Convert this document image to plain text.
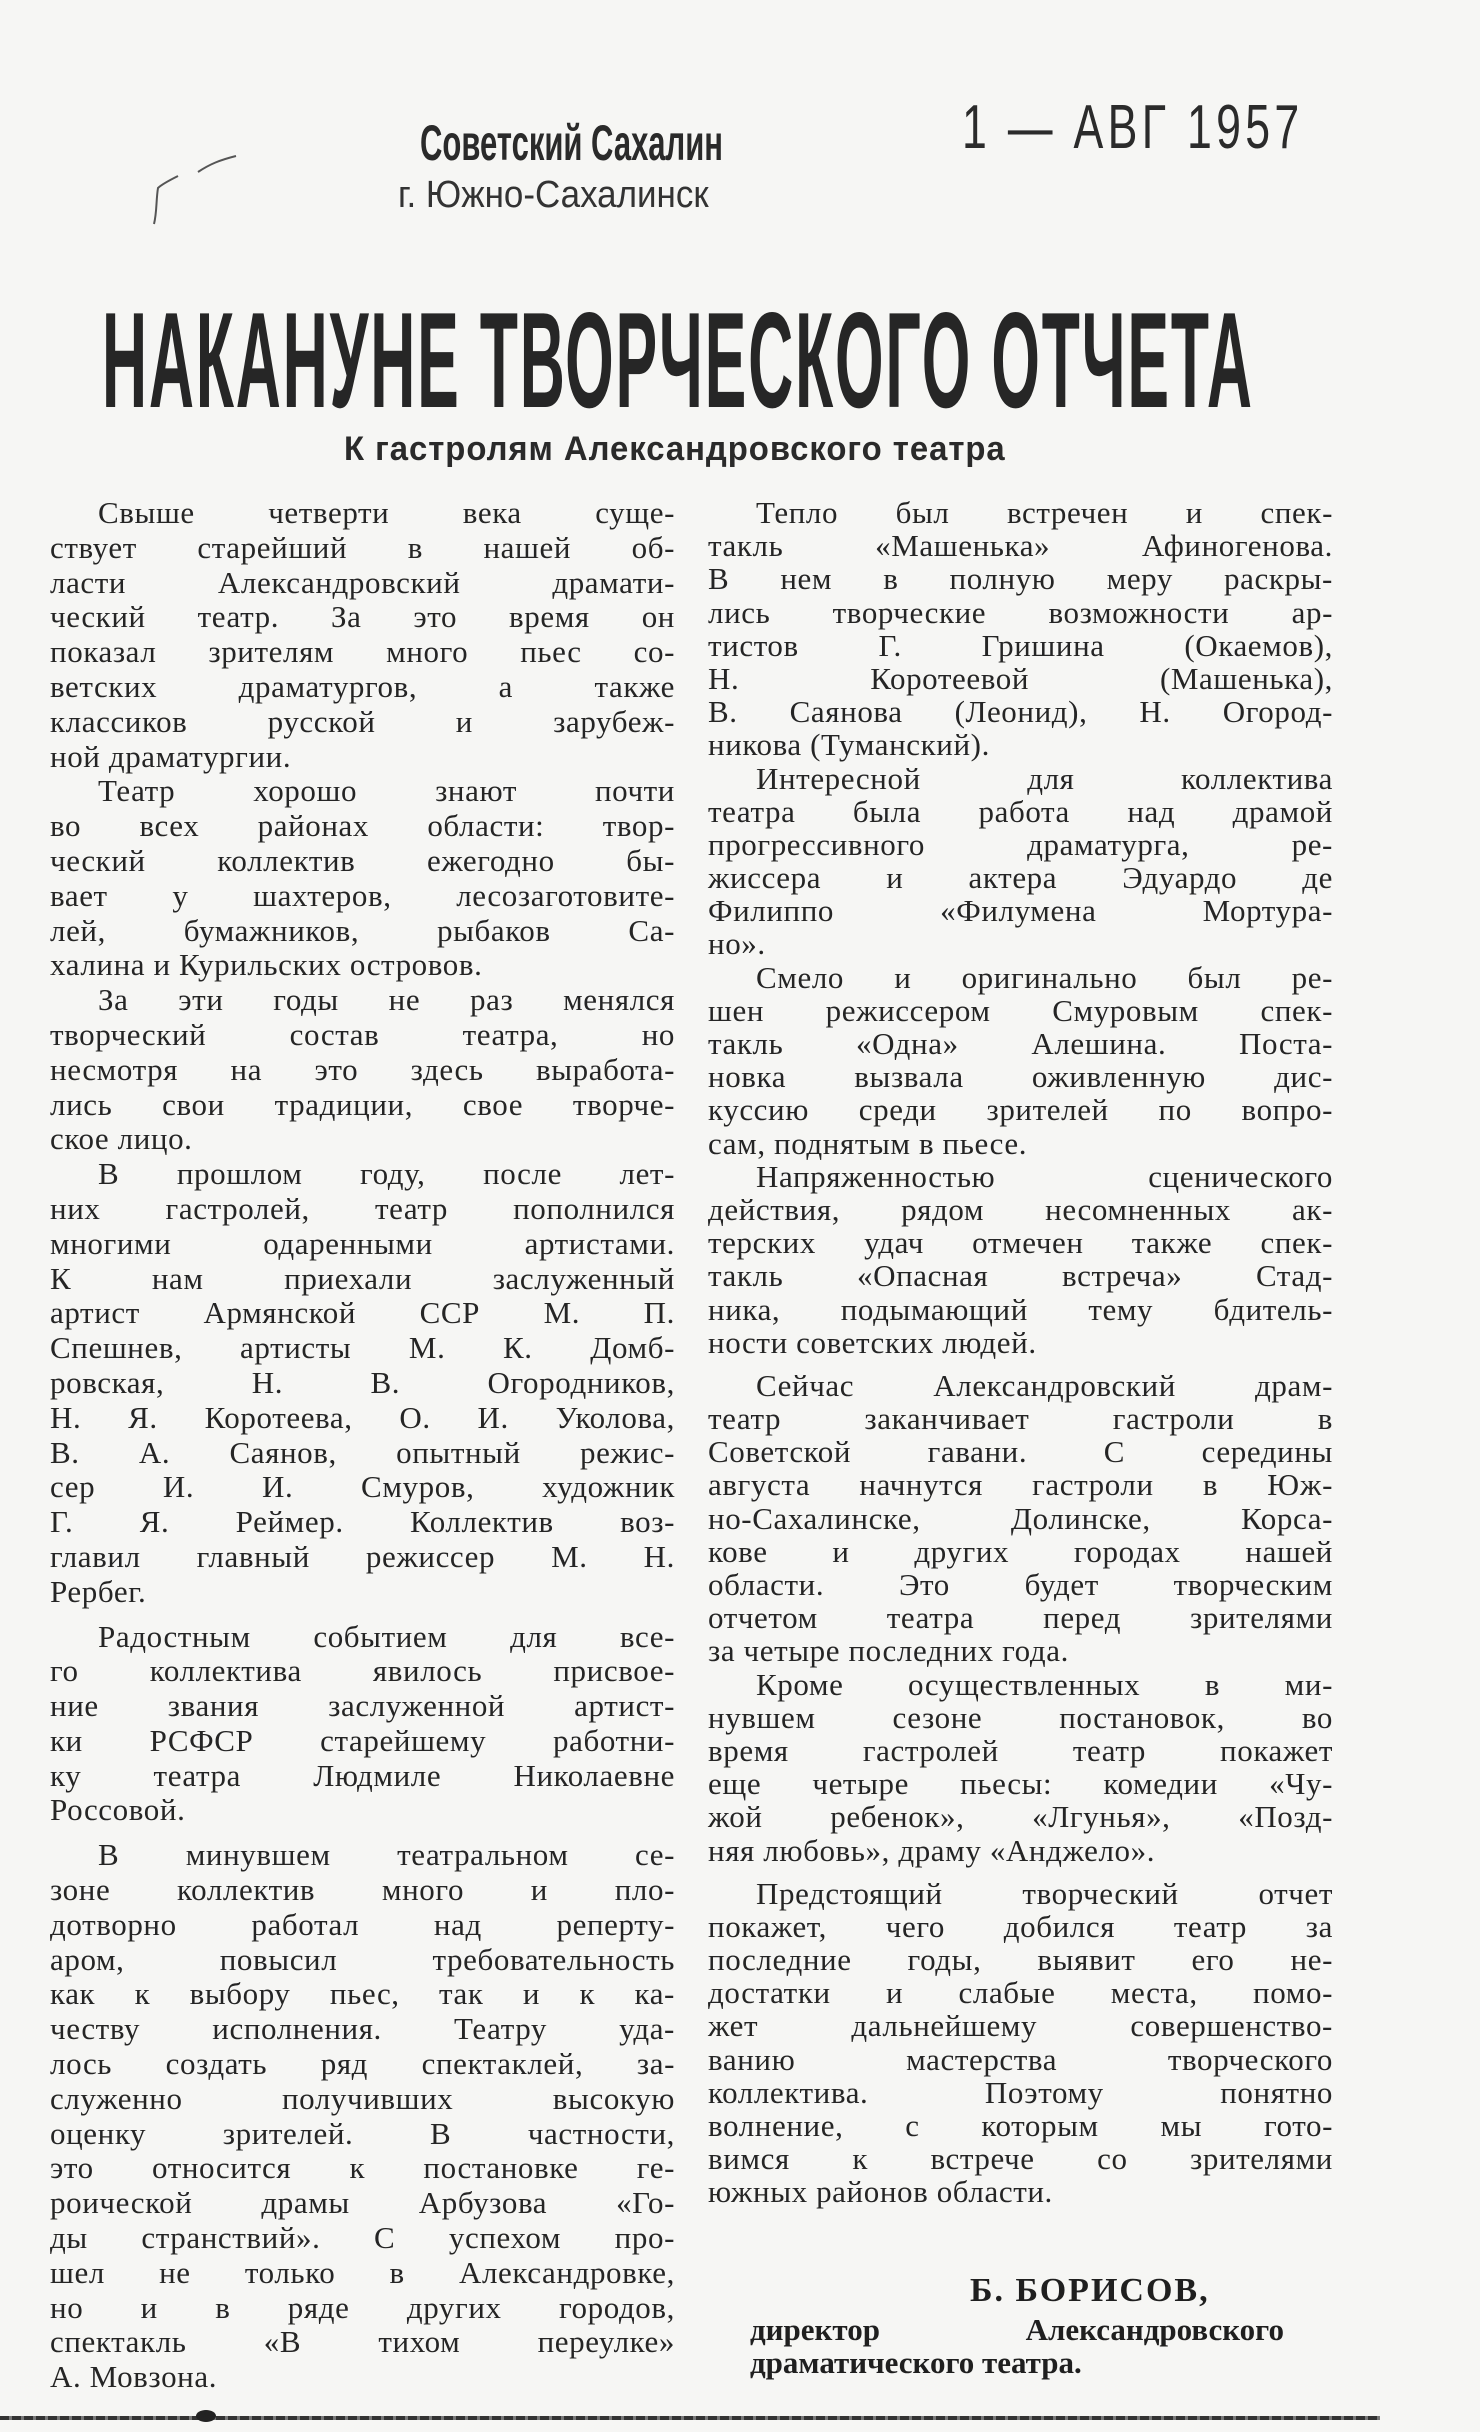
Советский Сахалин	1 — АВГ 1957
г. Южно-Сахалинск
НАКАНУНЕ ТВОРЧЕСКОГО ОТЧЕТА
К гастролям Александровского театра
Свыше четверти века суще-
ствует старейший в нашей об-
ласти Александровский драмати-
ческий театр. За это время он
показал зрителям много пьес со-
ветских драматургов, а также
классиков русской и зарубеж-
ной драматургии.
Театр хорошо знают почти
во всех районах области: твор-
ческий коллектив ежегодно бы-
вает у шахтеров, лесозаготовите-
лей, бумажников, рыбаков Са-
халина и Курильских островов.
За эти годы не раз менялся
творческий состав театра, но
несмотря на это здесь выработа-
лись свои традиции, свое творче-
ское лицо.
В прошлом году, после лет-
них гастролей, театр пополнился
многими одаренными артистами.
К нам приехали заслуженный
артист Армянской ССР М. П.
Спешнев, артисты М. К. Домб-
ровская, Н. В. Огородников,
Н. Я. Коротеева, О. И. Уколова,
В. А. Саянов, опытный режис-
сер И. И. Смуров, художник
Г. Я. Реймер. Коллектив воз-
главил главный режиссер М. Н.
Рербег.
Радостным событием для все-
го коллектива явилось присвое-
ние звания заслуженной артист-
ки РСФСР старейшему работни-
ку театра Людмиле Николаевне
Россовой.
В минувшем театральном се-
зоне коллектив много и пло-
дотворно работал над реперту-
аром, повысил требовательность
как к выбору пьес, так и к ка-
честву исполнения. Театру уда-
лось создать ряд спектаклей, за-
служенно получивших высокую
оценку зрителей. В частности,
это относится к постановке ге-
роической драмы Арбузова «Го-
ды странствий». С успехом про-
шел не только в Александровке,
но и в ряде других городов,
спектакль «В тихом переулке»
А. Мовзона.
Тепло был встречен и спек-
такль «Машенька» Афиногенова.
В нем в полную меру раскры-
лись творческие возможности ар-
тистов Г. Гришина (Окаемов),
Н. Коротеевой (Машенька),
В. Саянова (Леонид), Н. Огород-
никова (Туманский).
Интересной для коллектива
театра была работа над драмой
прогрессивного драматурга, ре-
жиссера и актера Эдуардо де
Филиппо «Филумена Мортура-
но».
Смело и оригинально был ре-
шен режиссером Смуровым спек-
такль «Одна» Алешина. Поста-
новка вызвала оживленную дис-
куссию среди зрителей по вопро-
сам, поднятым в пьесе.
Напряженностью сценического
действия, рядом несомненных ак-
терских удач отмечен также спек-
такль «Опасная встреча» Стад-
ника, подымающий тему бдитель-
ности советских людей.
Сейчас Александровский драм-
театр заканчивает гастроли в
Советской гавани. С середины
августа начнутся гастроли в Юж-
но-Сахалинске, Долинске, Корса-
кове и других городах нашей
области. Это будет творческим
отчетом театра перед зрителями
за четыре последних года.
Кроме осуществленных в ми-
нувшем сезоне постановок, во
время гастролей театр покажет
еще четыре пьесы: комедии «Чу-
жой ребенок», «Лгунья», «Позд-
няя любовь», драму «Анджело».
Предстоящий творческий отчет
покажет, чего добился театр за
последние годы, выявит его не-
достатки и слабые места, помо-
жет дальнейшему совершенство-
ванию мастерства творческого
коллектива. Поэтому понятно
волнение, с которым мы гото-
вимся к встрече со зрителями
южных районов области.
Б. БОРИСОВ,
директор Александровского
драматического театра.
